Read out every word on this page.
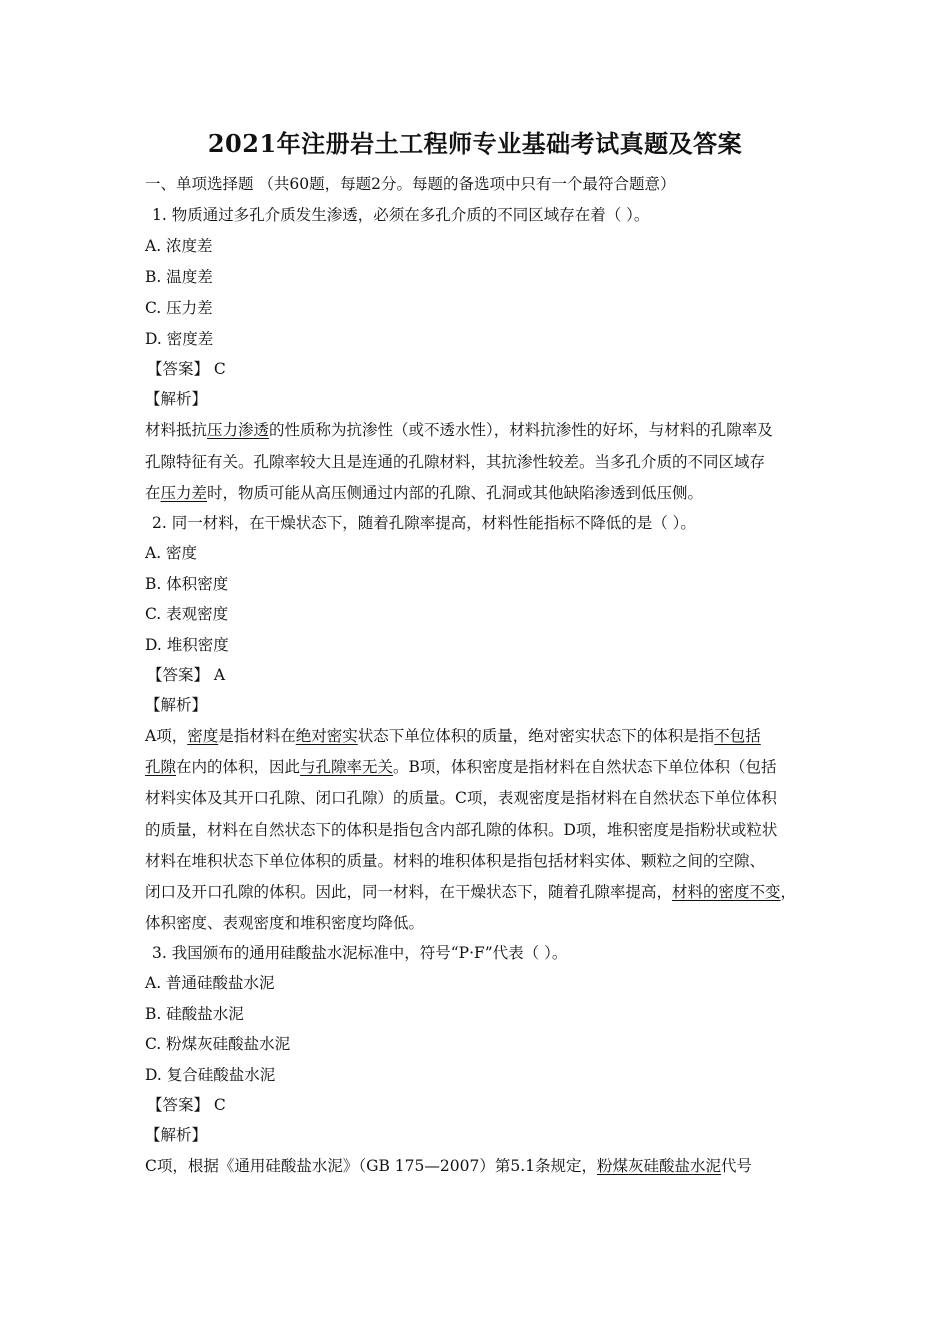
2021年注册岩土工程师专业基础考试真题及答案
一、单项选择题 （共60题，每题2分。每题的备选项中只有一个最符合题意）
1. 物质通过多孔介质发生渗透，必须在多孔介质的不同区域存在着（ ）。
A. 浓度差
B. 温度差
C. 压力差
D. 密度差
【答案】 C
【解析】
材料抵抗压力渗透的性质称为抗渗性（或不透水性），材料抗渗性的好坏，与材料的孔隙率及
孔隙特征有关。孔隙率较大且是连通的孔隙材料，其抗渗性较差。当多孔介质的不同区域存
在压力差时，物质可能从高压侧通过内部的孔隙、孔洞或其他缺陷渗透到低压侧。
2. 同一材料，在干燥状态下，随着孔隙率提高，材料性能指标不降低的是（ ）。
A. 密度
B. 体积密度
C. 表观密度
D. 堆积密度
【答案】 A
【解析】
A项，密度是指材料在绝对密实状态下单位体积的质量，绝对密实状态下的体积是指不包括
孔隙在内的体积，因此与孔隙率无关。B项，体积密度是指材料在自然状态下单位体积（包括
材料实体及其开口孔隙、闭口孔隙）的质量。C项，表观密度是指材料在自然状态下单位体积
的质量，材料在自然状态下的体积是指包含内部孔隙的体积。D项，堆积密度是指粉状或粒状
材料在堆积状态下单位体积的质量。材料的堆积体积是指包括材料实体、颗粒之间的空隙、
闭口及开口孔隙的体积。因此，同一材料，在干燥状态下，随着孔隙率提高，材料的密度不变，
体积密度、表观密度和堆积密度均降低。
3. 我国颁布的通用硅酸盐水泥标准中，符号“P·F”代表（ ）。
A. 普通硅酸盐水泥
B. 硅酸盐水泥
C. 粉煤灰硅酸盐水泥
D. 复合硅酸盐水泥
【答案】 C
【解析】
C项，根据《通用硅酸盐水泥》（GB 175—2007）第5.1条规定，粉煤灰硅酸盐水泥代号
